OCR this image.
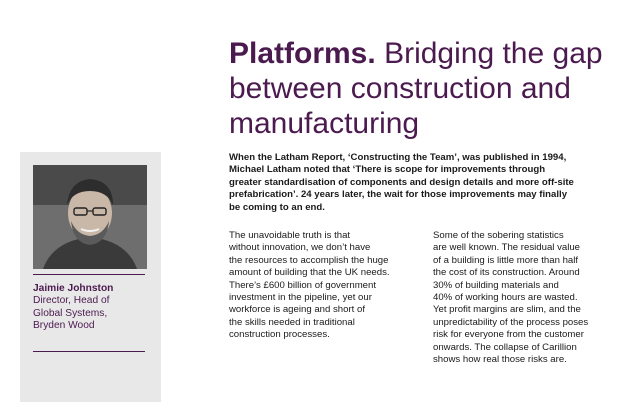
Jaimie Johnston
Director, Head of
Global Systems,
Bryden Wood
Platforms. Bridging the gap
between construction and
manufacturing

When the Latham Report, ‘Constructing the Team’, was published in 1994,
Michael Latham noted that ‘There is scope for improvements through
greater standardisation of components and design details and more off-site
prefabrication’. 24 years later, the wait for those improvements may finally
be coming to an end.

The unavoidable truth is that
without innovation, we don’t have
the resources to accomplish the huge
amount of building that the UK needs.
There’s £600 billion of government
investment in the pipeline, yet our
workforce is ageing and short of
the skills needed in traditional
construction processes.

Some of the sobering statistics
are well known. The residual value
of a building is little more than half
the cost of its construction. Around
30% of building materials and
40% of working hours are wasted.
Yet profit margins are slim, and the
unpredictability of the process poses
risk for everyone from the customer
onwards. The collapse of Carillion
shows how real those risks are.
